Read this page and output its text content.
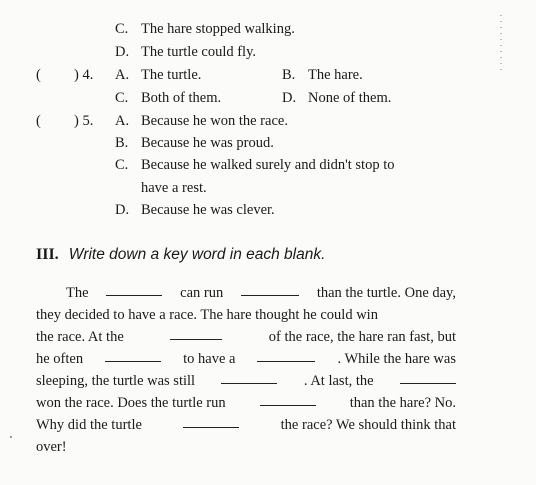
C. The hare stopped walking.
D. The turtle could fly.
( ) 4. A. The turtle.	B. The hare.
C. Both of them.	D. None of them.
( ) 5. A. Because he won the race.
B. Because he was proud.
C. Because he walked surely and didn't stop to
have a rest.
D. Because he was clever.
III. Write down a key word in each blank.
The	can run	than the turtle. One day,
they decided to have a race. The hare thought he could win
the race. At the	of the race, the hare ran fast, but
he often	to have a	. While the hare was
sleeping, the turtle was still	. At last, the
won the race. Does the turtle run	than the hare? No.
Why did the turtle	the race? We should think that
over!
